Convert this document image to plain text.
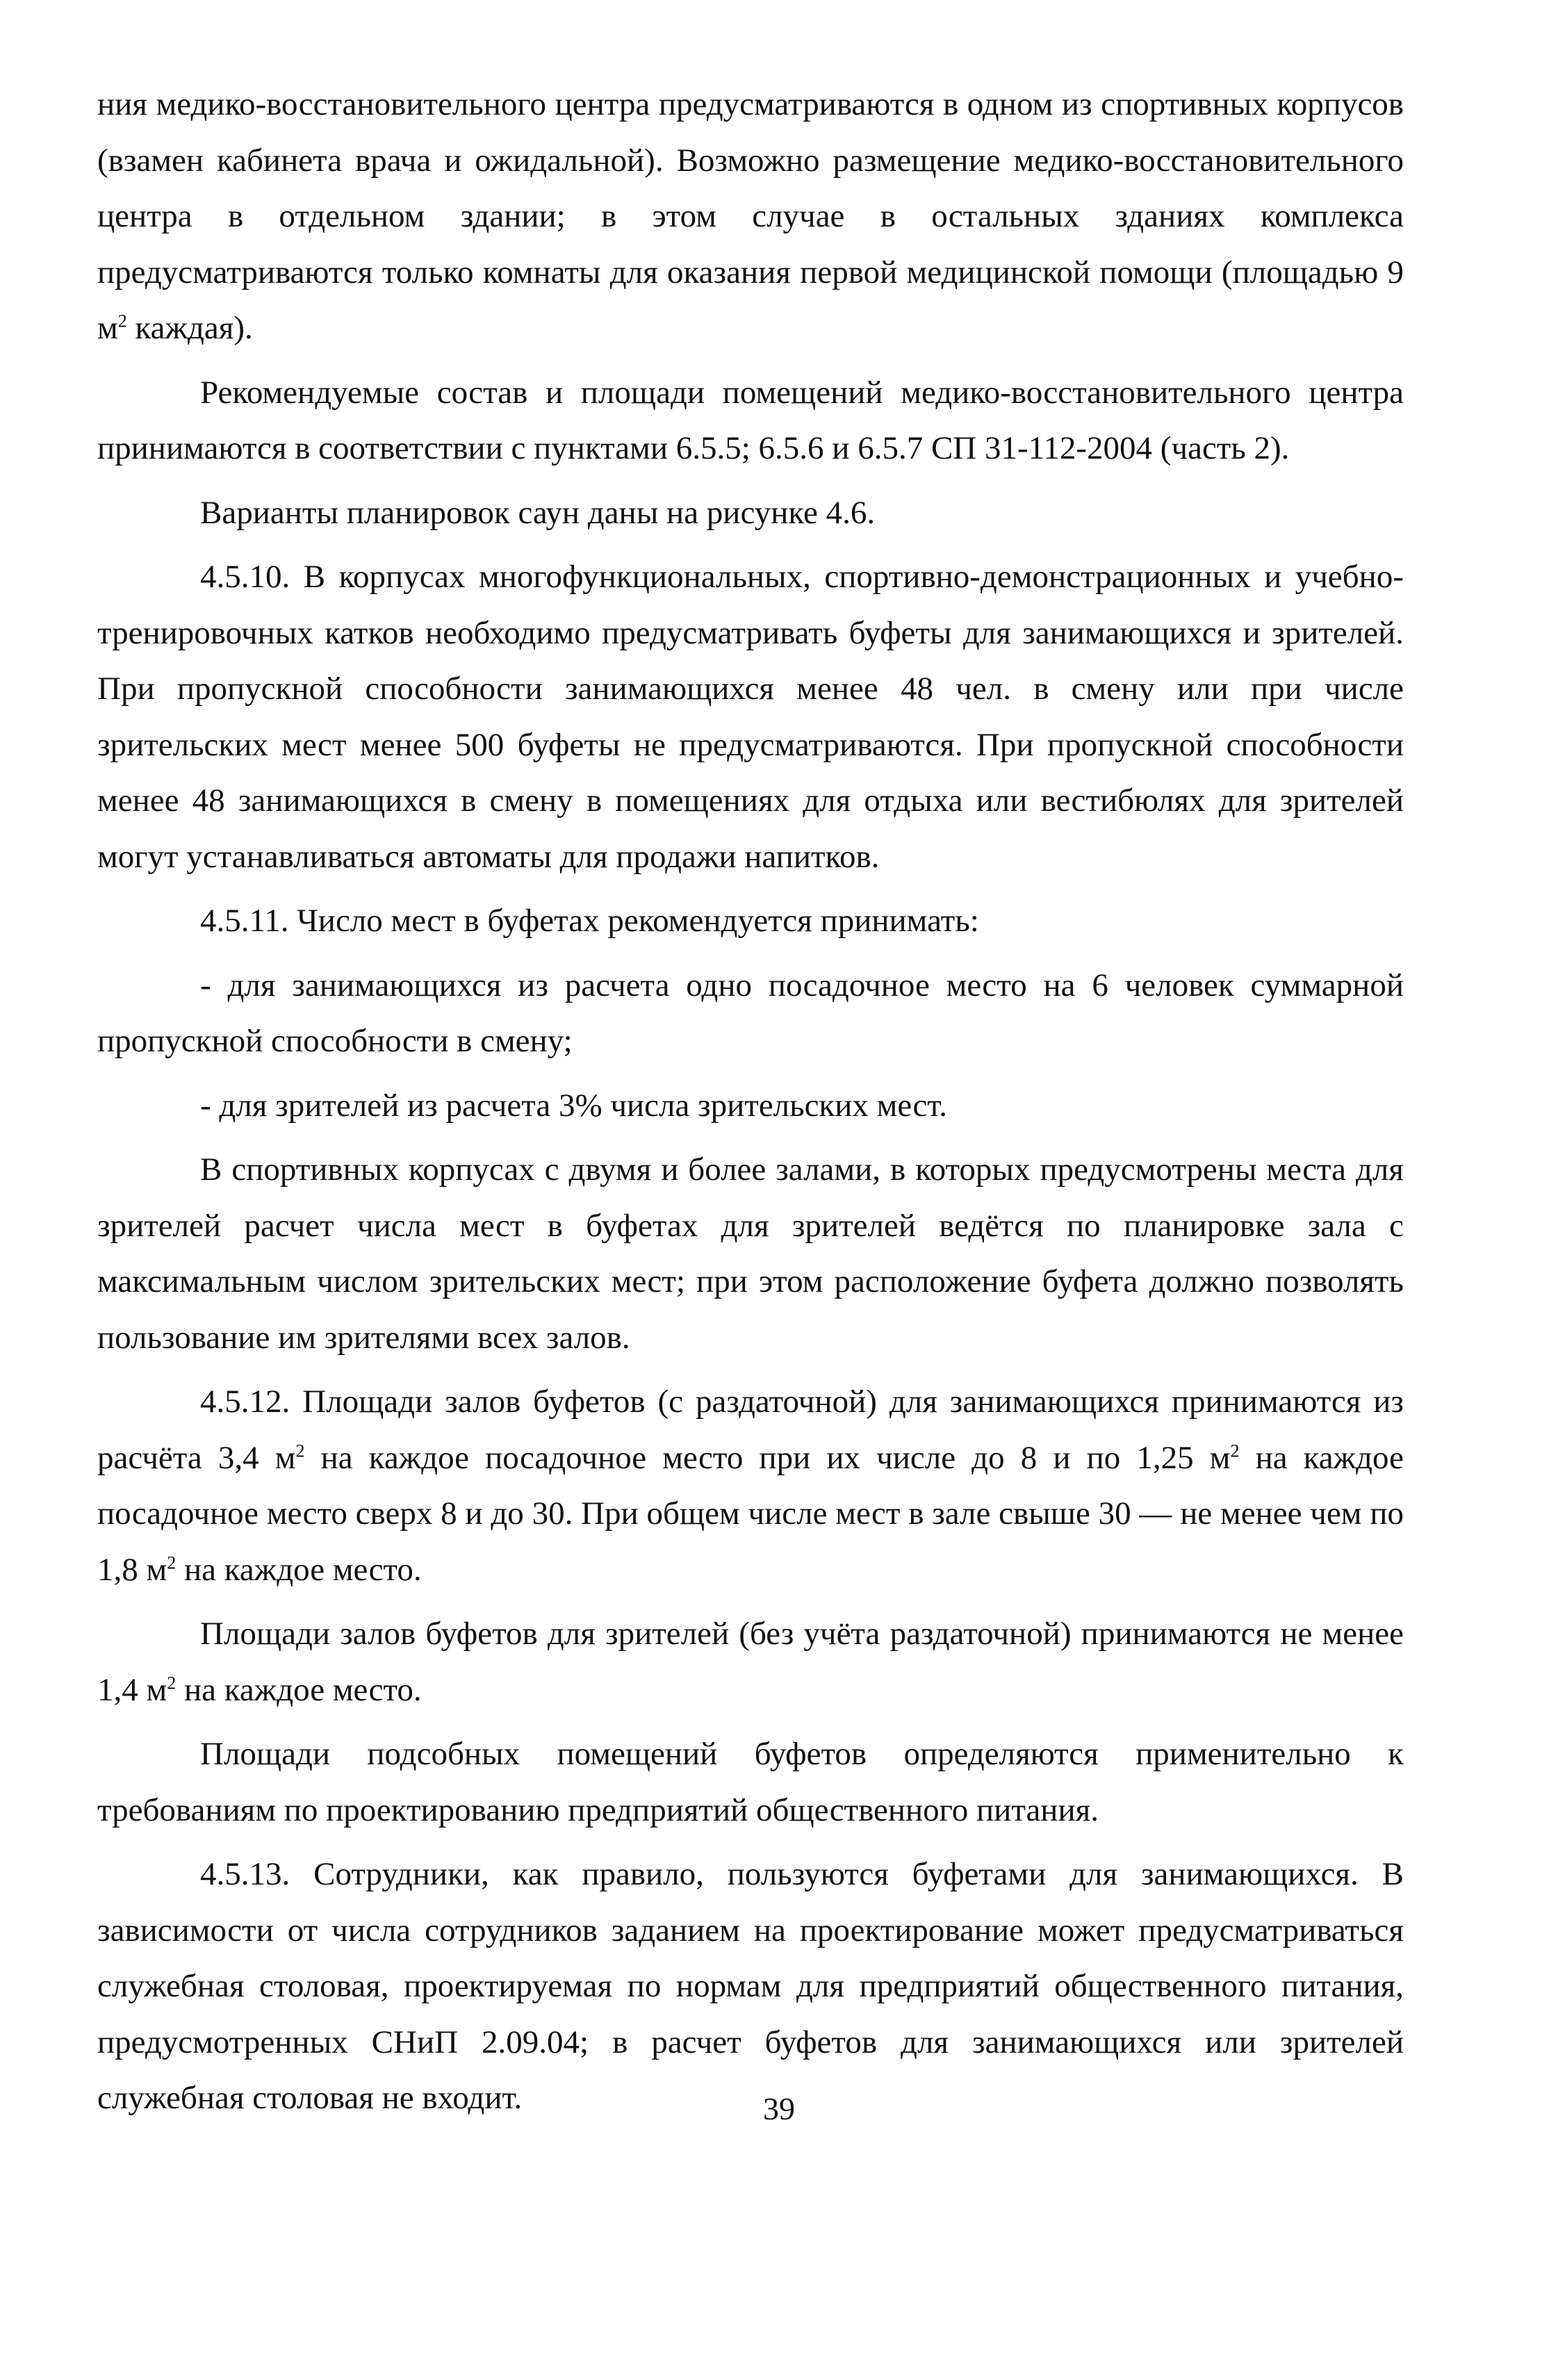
ния медико-восстановительного центра предусматриваются в одном из спортивных корпусов (взамен кабинета врача и ожидальной). Возможно размещение медико-восстановительного центра в отдельном здании; в этом случае в остальных зданиях комплекса предусматриваются только комнаты для оказания первой медицинской помощи (площадью 9 $м^2$ каждая).

Рекомендуемые состав и площади помещений медико-восстановительного центра принимаются в соответствии с пунктами 6.5.5; 6.5.6 и 6.5.7 СП 31-112-2004 (часть 2).

Варианты планировок саун даны на рисунке 4.6.

4.5.10. В корпусах многофункциональных, спортивно-демонстрационных и учебно-тренировочных катков необходимо предусматривать буфеты для занимающихся и зрителей. При пропускной способности занимающихся менее 48 чел. в смену или при числе зрительских мест менее 500 буфеты не предусматриваются. При пропускной способности менее 48 занимающихся в смену в помещениях для отдыха или вестибюлях для зрителей могут устанавливаться автоматы для продажи напитков.

4.5.11. Число мест в буфетах рекомендуется принимать:

- для занимающихся из расчета одно посадочное место на 6 человек суммарной пропускной способности в смену;

- для зрителей из расчета 3% числа зрительских мест.

В спортивных корпусах с двумя и более залами, в которых предусмотрены места для зрителей расчет числа мест в буфетах для зрителей ведётся по планировке зала с максимальным числом зрительских мест; при этом расположение буфета должно позволять пользование им зрителями всех залов.

4.5.12. Площади залов буфетов (с раздаточной) для занимающихся принимаются из расчёта 3,4 $м^2$ на каждое посадочное место при их числе до 8 и по 1,25 $м^2$ на каждое посадочное место сверх 8 и до 30. При общем числе мест в зале свыше 30 — не менее чем по 1,8 $м^2$ на каждое место.

Площади залов буфетов для зрителей (без учёта раздаточной) принимаются не менее 1,4 $м^2$ на каждое место.

Площади подсобных помещений буфетов определяются применительно к требованиям по проектированию предприятий общественного питания.

4.5.13. Сотрудники, как правило, пользуются буфетами для занимающихся. В зависимости от числа сотрудников заданием на проектирование может предусматриваться служебная столовая, проектируемая по нормам для предприятий общественного питания, предусмотренных СНиП 2.09.04; в расчет буфетов для занимающихся или зрителей служебная столовая не входит.	39
